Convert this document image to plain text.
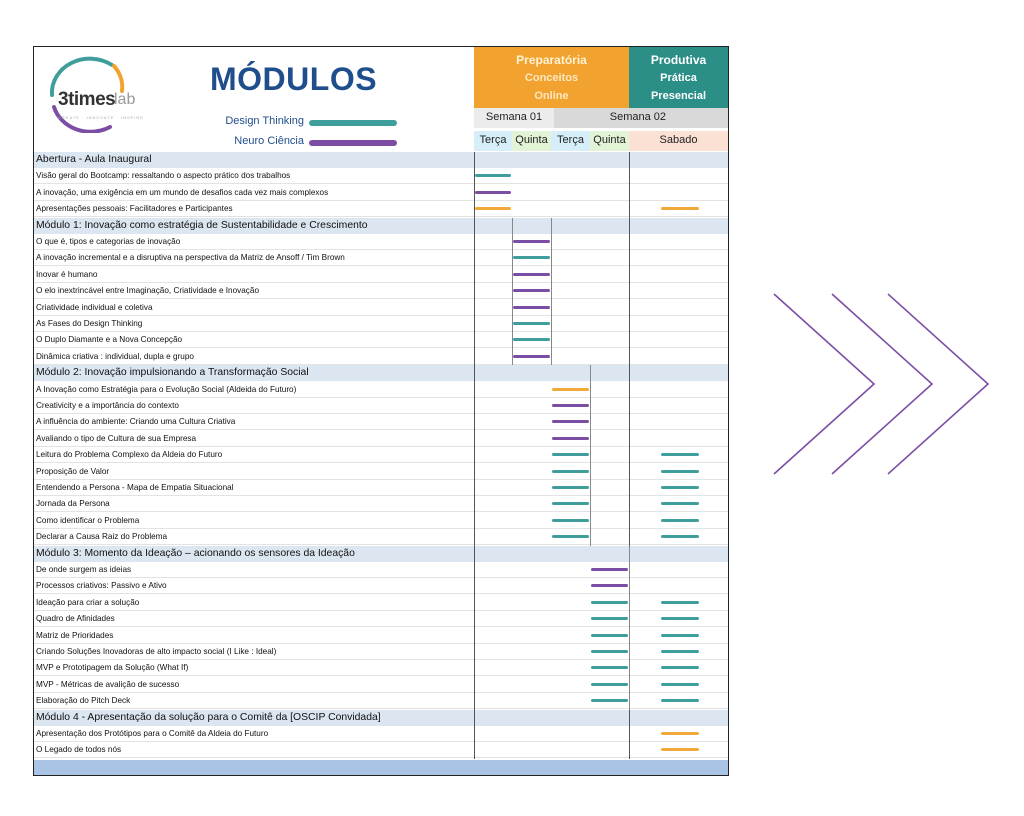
3times
lab
CREATE · INNOVATE · INSPIRE
MÓDULOS
Design Thinking
Neuro Ciência
Preparatória
Conceitos
Online
Produtiva
Prática
Presencial
Semana 01	Semana 02
Terça Quinta Terça Quinta	Sabado
Abertura - Aula Inaugural
Visão geral do Bootcamp: ressaltando o aspecto prático dos trabalhos
A inovação, uma exigência em um mundo de desafios cada vez mais complexos
Apresentações pessoais: Facilitadores e Participantes
Módulo 1: Inovação como estratégia de Sustentabilidade e Crescimento
O que é, tipos e categorias de inovação
A inovação incremental e a disruptiva na perspectiva da Matriz de Ansoff / Tim Brown
Inovar é humano
O elo inextrincável entre Imaginação, Criatividade e Inovação
Criatividade individual e coletiva
As Fases do Design Thinking
O Duplo Diamante e a Nova Concepção
Dinâmica criativa : individual, dupla e grupo
Módulo 2: Inovação impulsionando a Transformação Social
A Inovação como Estratégia para o Evolução Social (Aldeida do Futuro)
Creativicity e a importância do contexto
A influência do ambiente: Criando uma Cultura Criativa
Avaliando o tipo de Cultura de sua Empresa
Leitura do Problema Complexo da Aldeia do Futuro
Proposição de Valor
Entendendo a Persona - Mapa de Empatia Situacional
Jornada da Persona
Como identificar o Problema
Declarar a Causa Raiz do Problema
Módulo 3: Momento da Ideação – acionando os sensores da Ideação
De onde surgem as ideias
Processos criativos: Passivo e Ativo
Ideação para criar a solução
Quadro de Afinidades
Matriz de Prioridades
Criando Soluções Inovadoras de alto impacto social (I Like : Ideal)
MVP e Prototipagem da Solução (What If)
MVP - Métricas de avalição de sucesso
Elaboração do Pitch Deck
Módulo 4 - Apresentação da solução para o Comitê da [OSCIP Convidada]
Apresentação dos Protótipos para o Comitê da Aldeia do Futuro
O Legado de todos nós
